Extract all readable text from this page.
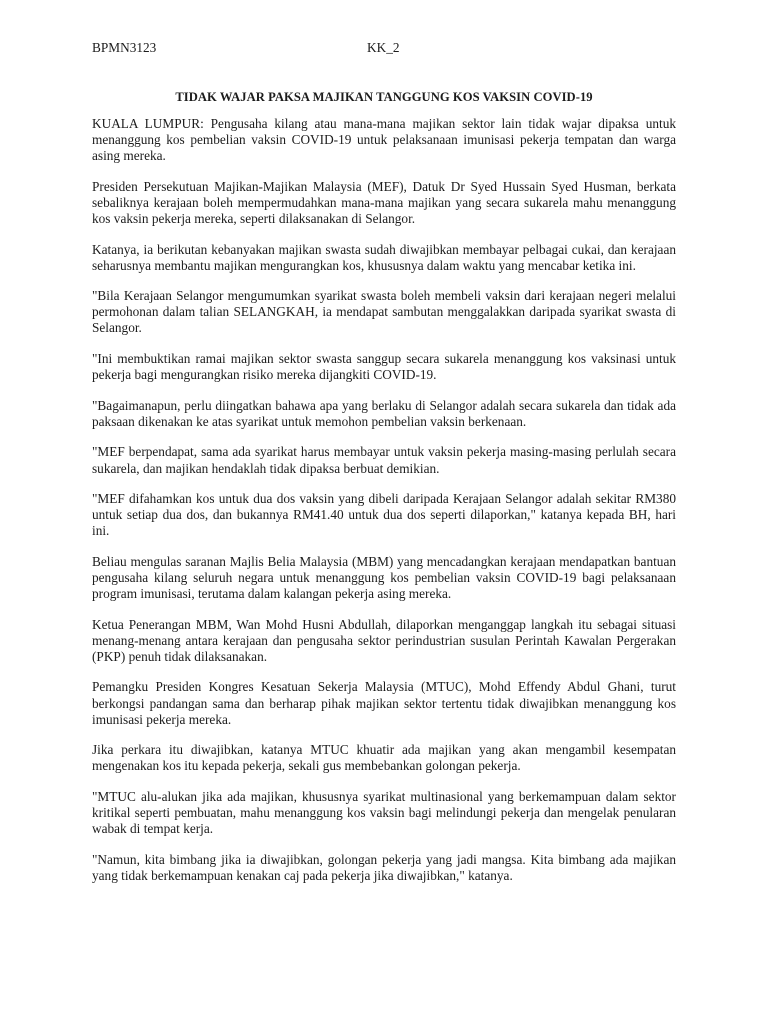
BPMN3123	KK_2
TIDAK WAJAR PAKSA MAJIKAN TANGGUNG KOS VAKSIN COVID-19

KUALA LUMPUR: Pengusaha kilang atau mana-mana majikan sektor lain tidak wajar dipaksa untuk menanggung kos pembelian vaksin COVID-19 untuk pelaksanaan imunisasi pekerja tempatan dan warga asing mereka.

Presiden Persekutuan Majikan-Majikan Malaysia (MEF), Datuk Dr Syed Hussain Syed Husman, berkata sebaliknya kerajaan boleh mempermudahkan mana-mana majikan yang secara sukarela mahu menanggung kos vaksin pekerja mereka, seperti dilaksanakan di Selangor.

Katanya, ia berikutan kebanyakan majikan swasta sudah diwajibkan membayar pelbagai cukai, dan kerajaan seharusnya membantu majikan mengurangkan kos, khususnya dalam waktu yang mencabar ketika ini.

"Bila Kerajaan Selangor mengumumkan syarikat swasta boleh membeli vaksin dari kerajaan negeri melalui permohonan dalam talian SELANGKAH, ia mendapat sambutan menggalakkan daripada syarikat swasta di Selangor.

"Ini membuktikan ramai majikan sektor swasta sanggup secara sukarela menanggung kos vaksinasi untuk pekerja bagi mengurangkan risiko mereka dijangkiti COVID-19.

"Bagaimanapun, perlu diingatkan bahawa apa yang berlaku di Selangor adalah secara sukarela dan tidak ada paksaan dikenakan ke atas syarikat untuk memohon pembelian vaksin berkenaan.

"MEF berpendapat, sama ada syarikat harus membayar untuk vaksin pekerja masing-masing perlulah secara sukarela, dan majikan hendaklah tidak dipaksa berbuat demikian.

"MEF difahamkan kos untuk dua dos vaksin yang dibeli daripada Kerajaan Selangor adalah sekitar RM380 untuk setiap dua dos, dan bukannya RM41.40 untuk dua dos seperti dilaporkan," katanya kepada BH, hari ini.

Beliau mengulas saranan Majlis Belia Malaysia (MBM) yang mencadangkan kerajaan mendapatkan bantuan pengusaha kilang seluruh negara untuk menanggung kos pembelian vaksin COVID-19 bagi pelaksanaan program imunisasi, terutama dalam kalangan pekerja asing mereka.

Ketua Penerangan MBM, Wan Mohd Husni Abdullah, dilaporkan menganggap langkah itu sebagai situasi menang-menang antara kerajaan dan pengusaha sektor perindustrian susulan Perintah Kawalan Pergerakan (PKP) penuh tidak dilaksanakan.

Pemangku Presiden Kongres Kesatuan Sekerja Malaysia (MTUC), Mohd Effendy Abdul Ghani, turut berkongsi pandangan sama dan berharap pihak majikan sektor tertentu tidak diwajibkan menanggung kos imunisasi pekerja mereka.

Jika perkara itu diwajibkan, katanya MTUC khuatir ada majikan yang akan mengambil kesempatan mengenakan kos itu kepada pekerja, sekali gus membebankan golongan pekerja.

"MTUC alu-alukan jika ada majikan, khususnya syarikat multinasional yang berkemampuan dalam sektor kritikal seperti pembuatan, mahu menanggung kos vaksin bagi melindungi pekerja dan mengelak penularan wabak di tempat kerja.

"Namun, kita bimbang jika ia diwajibkan, golongan pekerja yang jadi mangsa. Kita bimbang ada majikan yang tidak berkemampuan kenakan caj pada pekerja jika diwajibkan," katanya.
